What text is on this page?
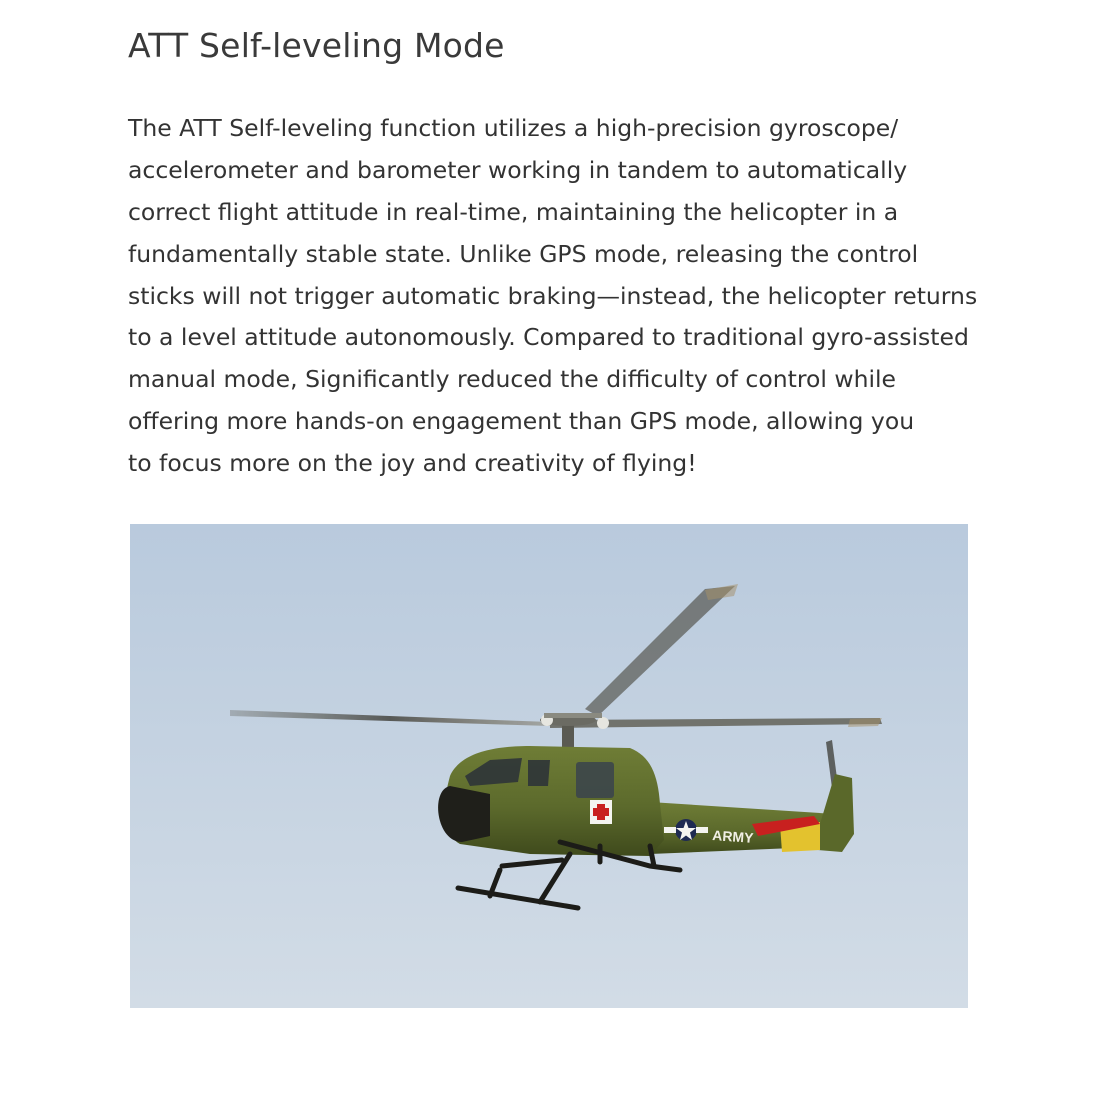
ATT Self-leveling Mode
The ATT Self-leveling function utilizes a high-precision gyroscope/
accelerometer and barometer working in tandem to automatically
correct flight attitude in real-time, maintaining the helicopter in a
fundamentally stable state. Unlike GPS mode, releasing the control
sticks will not trigger automatic braking—instead, the helicopter returns
to a level attitude autonomously. Compared to traditional gyro-assisted
manual mode, Significantly reduced the difficulty of control while
offering more hands-on engagement than GPS mode, allowing you
to focus more on the joy and creativity of flying!
ARMY
